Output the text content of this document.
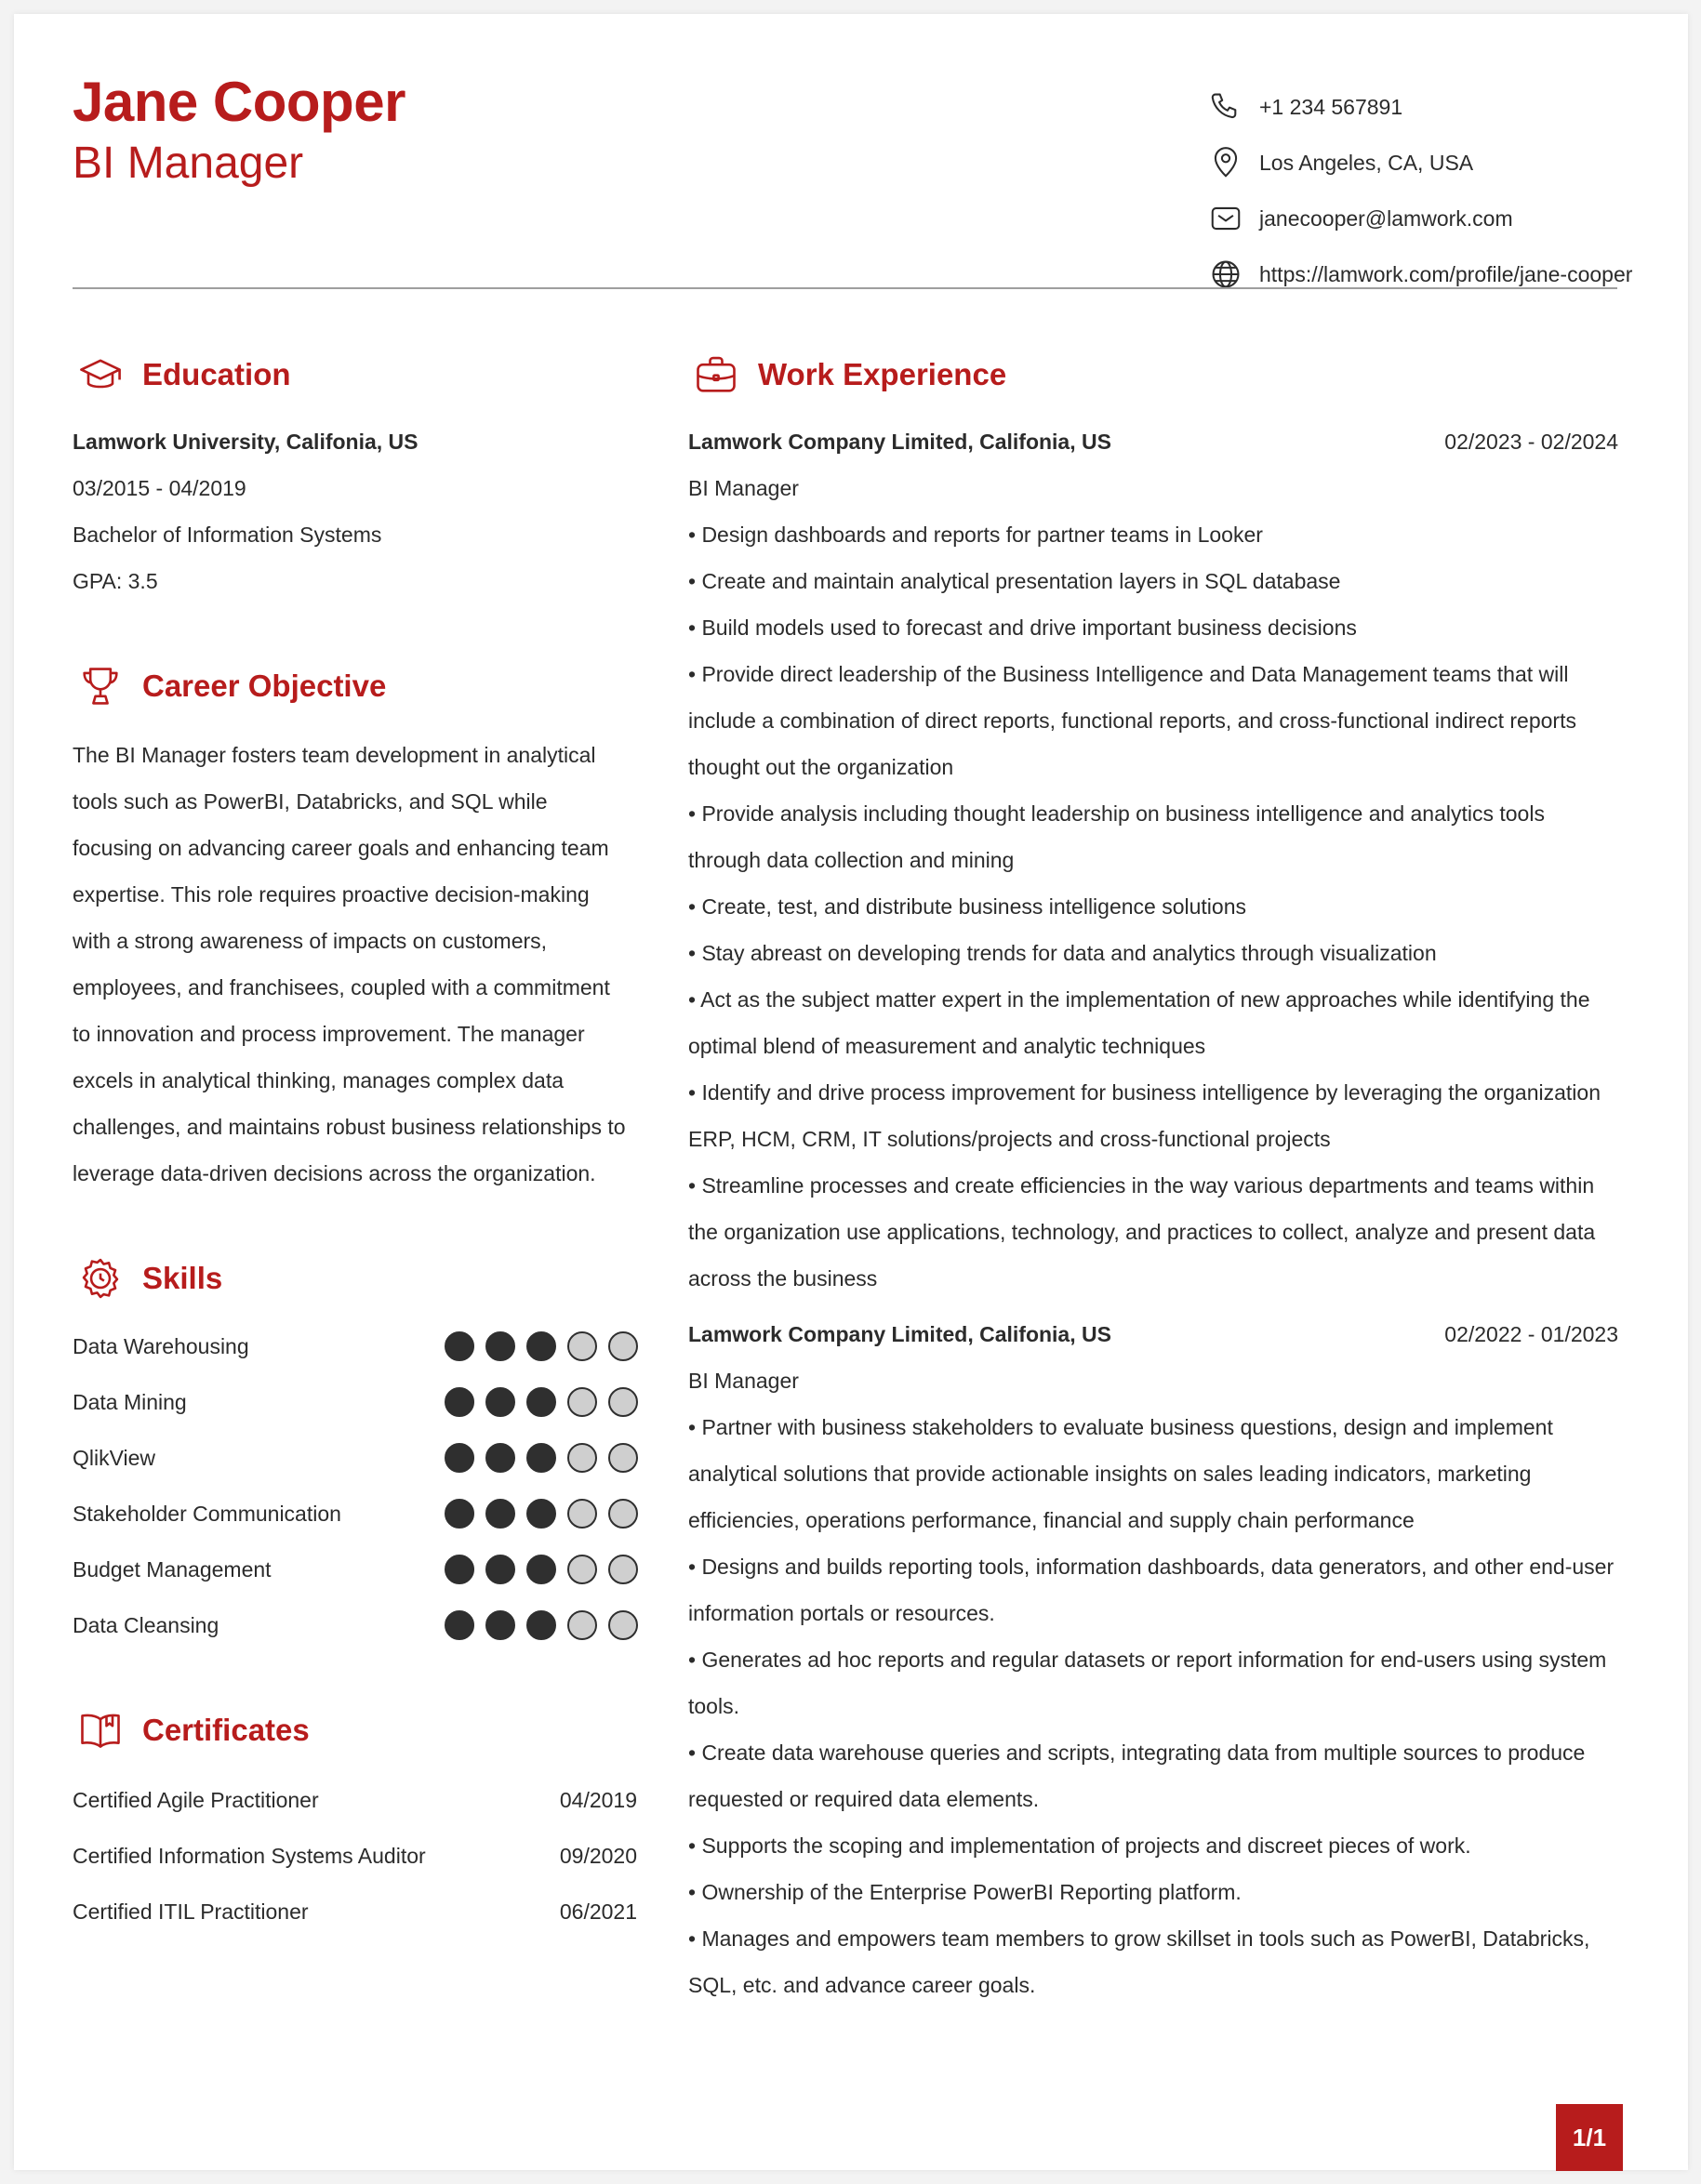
Jane Cooper
BI Manager
+1 234 567891
Los Angeles, CA, USA
janecooper@lamwork.com
https://lamwork.com/profile/jane-cooper
Education
Lamwork University, Califonia, US
03/2015 - 04/2019
Bachelor of Information Systems
GPA: 3.5
Career Objective
The BI Manager fosters team development in analytical tools such as PowerBI, Databricks, and SQL while focusing on advancing career goals and enhancing team expertise. This role requires proactive decision-making with a strong awareness of impacts on customers, employees, and franchisees, coupled with a commitment to innovation and process improvement. The manager excels in analytical thinking, manages complex data challenges, and maintains robust business relationships to leverage data-driven decisions across the organization.
Skills
Data Warehousing
Data Mining
QlikView
Stakeholder Communication
Budget Management
Data Cleansing
Certificates
Certified Agile Practitioner	04/2019
Certified Information Systems Auditor	09/2020
Certified ITIL Practitioner	06/2021
Work Experience
Lamwork Company Limited, Califonia, US	02/2023 - 02/2024
BI Manager
• Design dashboards and reports for partner teams in Looker
• Create and maintain analytical presentation layers in SQL database
• Build models used to forecast and drive important business decisions
• Provide direct leadership of the Business Intelligence and Data Management teams that will include a combination of direct reports, functional reports, and cross-functional indirect reports thought out the organization
• Provide analysis including thought leadership on business intelligence and analytics tools through data collection and mining
• Create, test, and distribute business intelligence solutions
• Stay abreast on developing trends for data and analytics through visualization
• Act as the subject matter expert in the implementation of new approaches while identifying the optimal blend of measurement and analytic techniques
• Identify and drive process improvement for business intelligence by leveraging the organization ERP, HCM, CRM, IT solutions/projects and cross-functional projects
• Streamline processes and create efficiencies in the way various departments and teams within the organization use applications, technology, and practices to collect, analyze and present data across the business
Lamwork Company Limited, Califonia, US	02/2022 - 01/2023
BI Manager
• Partner with business stakeholders to evaluate business questions, design and implement analytical solutions that provide actionable insights on sales leading indicators, marketing efficiencies, operations performance, financial and supply chain performance
• Designs and builds reporting tools, information dashboards, data generators, and other end-user information portals or resources.
• Generates ad hoc reports and regular datasets or report information for end-users using system tools.
• Create data warehouse queries and scripts, integrating data from multiple sources to produce requested or required data elements.
• Supports the scoping and implementation of projects and discreet pieces of work.
• Ownership of the Enterprise PowerBI Reporting platform.
• Manages and empowers team members to grow skillset in tools such as PowerBI, Databricks, SQL, etc. and advance career goals.
1/1
